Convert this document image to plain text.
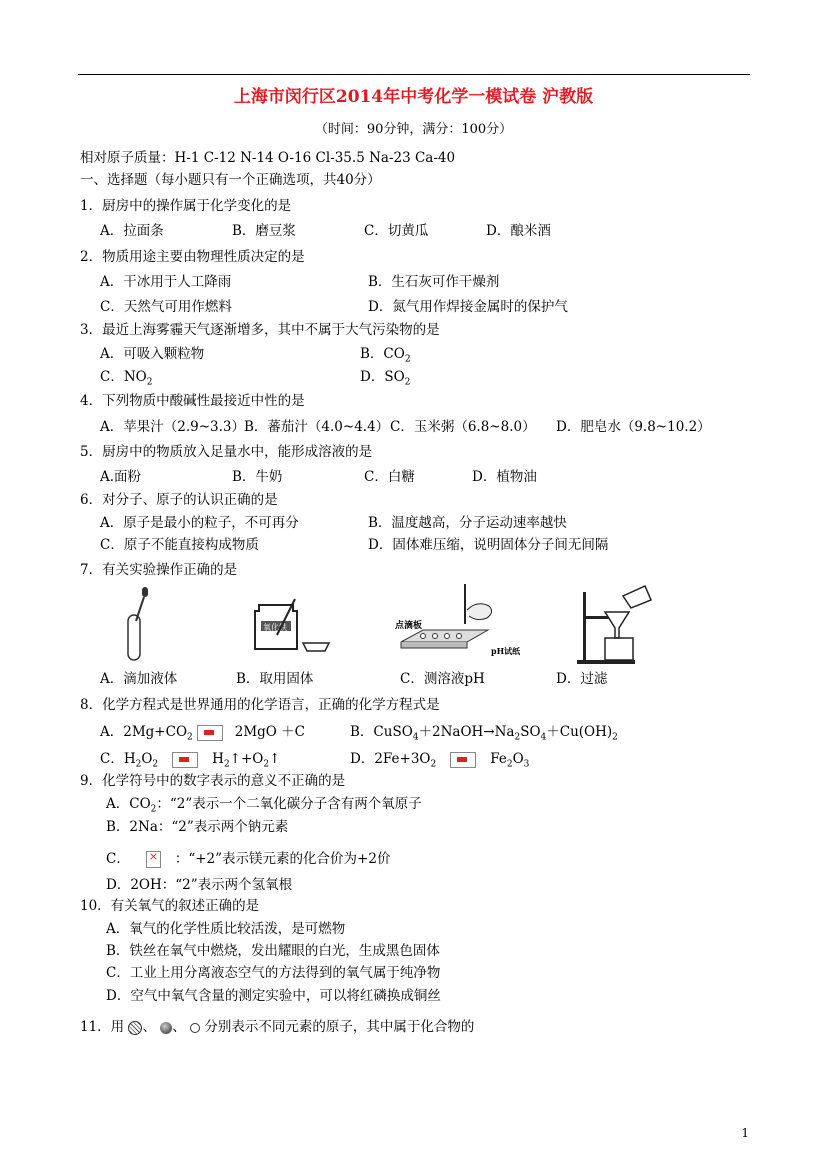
上海市闵行区2014年中考化学一模试卷 沪教版
（时间：90分钟，满分：100分）
相对原子质量：H-1 C-12 N-14 O-16 Cl-35.5 Na-23 Ca-40
一、选择题（每小题只有一个正确选项，共40分）
1．厨房中的操作属于化学变化的是
A．拉面条	B．磨豆浆	C．切黄瓜	D．酿米酒
2．物质用途主要由物理性质决定的是
A．干冰用于人工降雨	B．生石灰可作干燥剂
C．天然气可用作燃料	D．氮气用作焊接金属时的保护气
3．最近上海雾霾天气逐渐增多，其中不属于大气污染物的是
A．可吸入颗粒物	B．$CO_2$
C．$NO_2$	D．$SO_2$
4．下列物质中酸碱性最接近中性的是
A．苹果汁（2.9~3.3） B．蕃茄汁（4.0~4.4） C．玉米粥（6.8~8.0） D．肥皂水（9.8~10.2）
5．厨房中的物质放入足量水中，能形成溶液的是
A.面粉	B．牛奶	C．白糖	D．植物油
6．对分子、原子的认识正确的是
A．原子是最小的粒子，不可再分	B．温度越高，分子运动速率越快
C．原子不能直接构成物质	D．固体难压缩，说明固体分子间无间隔
7．有关实验操作正确的是
氧化铁	点滴板
pH试纸
A．滴加液体	B．取用固体	C．测溶液pH	D．过滤
8．化学方程式是世界通用的化学语言，正确的化学方程式是
A．$2Mg+CO_2$	2MgO ＋C	B．$CuSO_4+2NaOH\to Na_2SO_4+Cu(OH)_2$
C．$H_2O_2$	$H_2↑+O_2↑$	D．$2Fe+3O_2$	$Fe_2O_3$
9．化学符号中的数字表示的意义不正确的是
A．$CO_2$：“2”表示一个二氧化碳分子含有两个氧原子
B．2Na：“2”表示两个钠元素
C．×	：“+2”表示镁元素的化合价为+2价
D．2OH：“2”表示两个氢氧根
10．有关氧气的叙述正确的是
A．氧气的化学性质比较活泼，是可燃物
B．铁丝在氧气中燃烧，发出耀眼的白光，生成黑色固体
C．工业上用分离液态空气的方法得到的氧气属于纯净物
D．空气中氧气含量的测定实验中，可以将红磷换成铜丝
11．用 、 、 分别表示不同元素的原子，其中属于化合物的
1
